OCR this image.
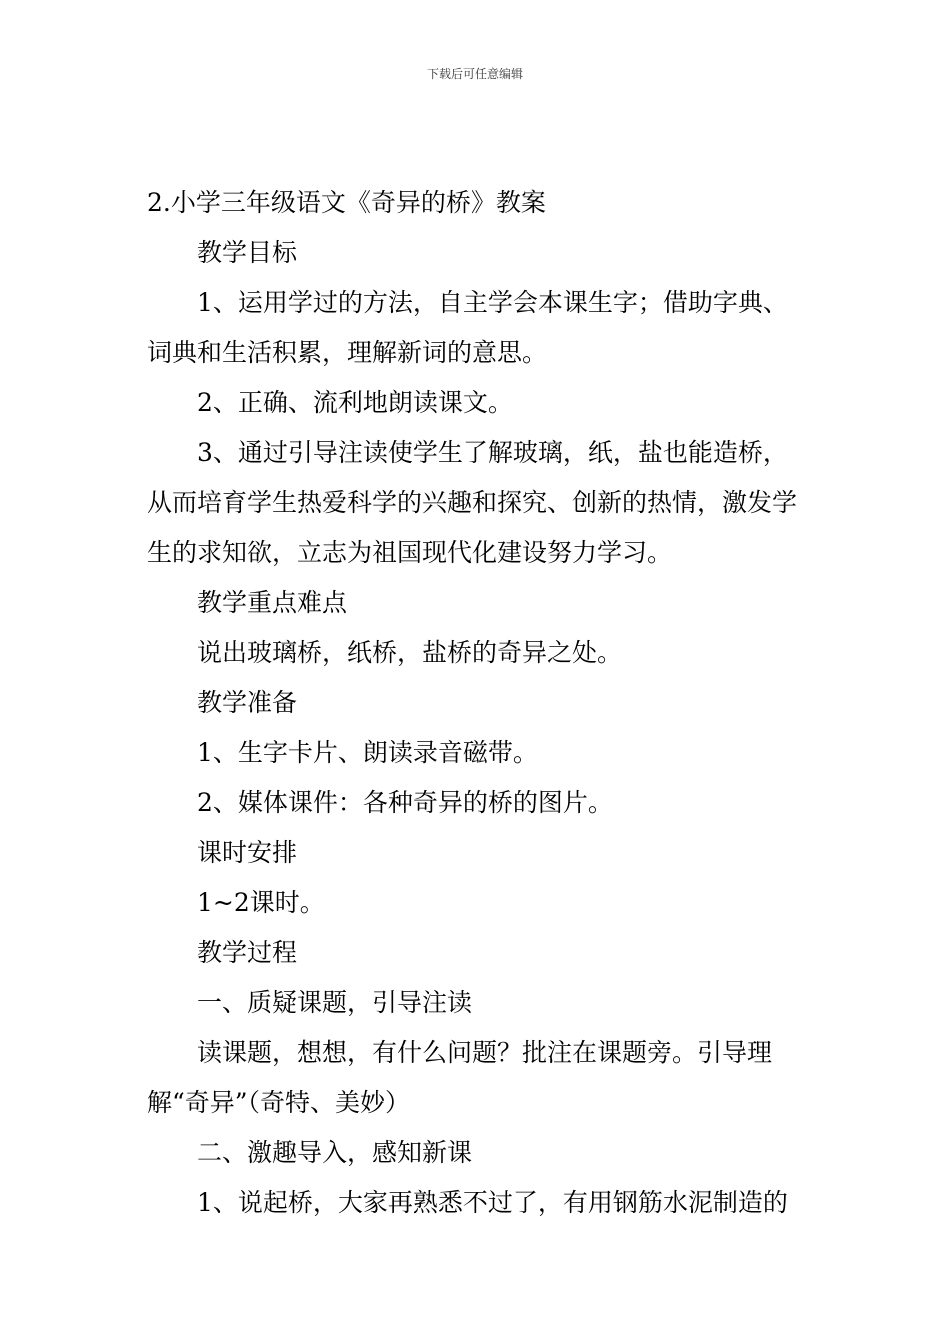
下载后可任意编辑

2.小学三年级语文《奇异的桥》教案

教学目标

1、运用学过的方法，自主学会本课生字；借助字典、词典和生活积累，理解新词的意思。

2、正确、流利地朗读课文。

3、通过引导注读使学生了解玻璃，纸，盐也能造桥，从而培育学生热爱科学的兴趣和探究、创新的热情，激发学生的求知欲，立志为祖国现代化建设努力学习。

教学重点难点

说出玻璃桥，纸桥，盐桥的奇异之处。

教学准备

1、生字卡片、朗读录音磁带。

2、媒体课件：各种奇异的桥的图片。

课时安排

1~2课时。

教学过程

一、质疑课题，引导注读

读课题，想想，有什么问题？批注在课题旁。引导理解“奇异”（奇特、美妙）

二、激趣导入，感知新课

1、说起桥，大家再熟悉不过了，有用钢筋水泥制造的
